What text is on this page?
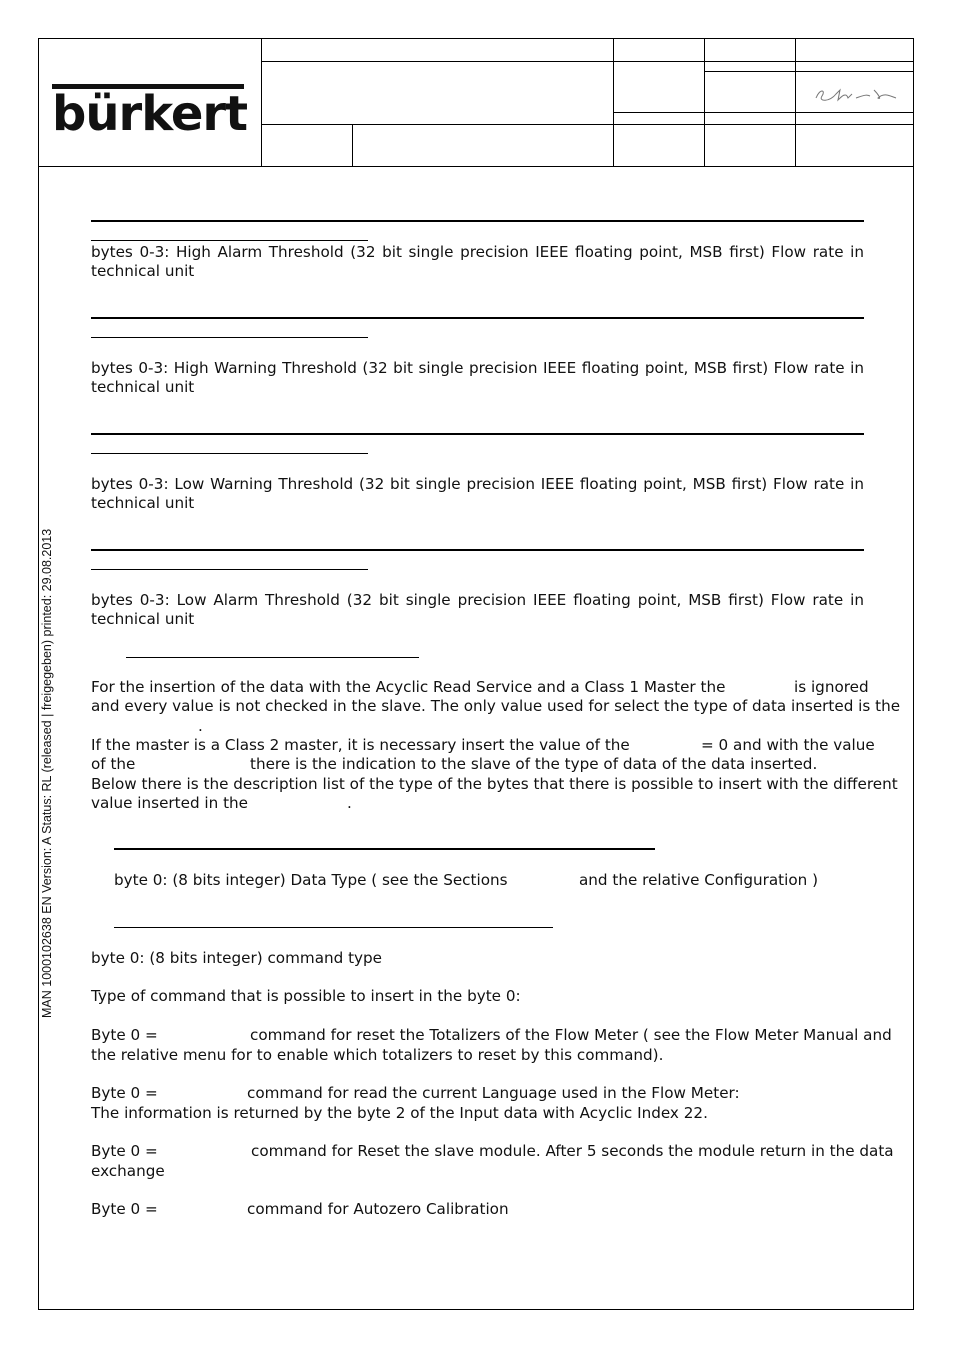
bürkert
MAN 1000102638 EN Version: A Status: RL (released | freigegeben) printed: 29.08.2013
bytes 0-3: High Alarm Threshold (32 bit single precision IEEE floating point, MSB first) Flow rate in technical unit
bytes 0-3: High Warning Threshold (32 bit single precision IEEE floating point, MSB first) Flow rate in technical unit
bytes 0-3: Low Warning Threshold (32 bit single precision IEEE floating point, MSB first) Flow rate in technical unit
bytes 0-3: Low Alarm Threshold (32 bit single precision IEEE floating point, MSB first) Flow rate in technical unit
For the insertion of the data with the Acyclic Read Service and a Class 1 Master the	is ignored
and every value is not checked in the slave. The only value used for select the type of data inserted is the
.
If the master is a Class 2 master, it is necessary insert the value of the	= 0 and with the value
of the	there is the indication to the slave of the type of data of the data inserted.
Below there is the description list of the type of the bytes that there is possible to insert with the different
value inserted in the	.
byte 0: (8 bits integer) Data Type ( see the Sections	and the relative Configuration )
byte 0: (8 bits integer) command type
Type of command that is possible to insert in the byte 0:
Byte 0 =	command for reset the Totalizers of the Flow Meter ( see the Flow Meter Manual and
the relative menu for to enable which totalizers to reset by this command).
Byte 0 =	command for read the current Language used in the Flow Meter:
The information is returned by the byte 2 of the Input data with Acyclic Index 22.
Byte 0 =	command for Reset the slave module. After 5 seconds the module return in the data
exchange
Byte 0 =	command for Autozero Calibration
